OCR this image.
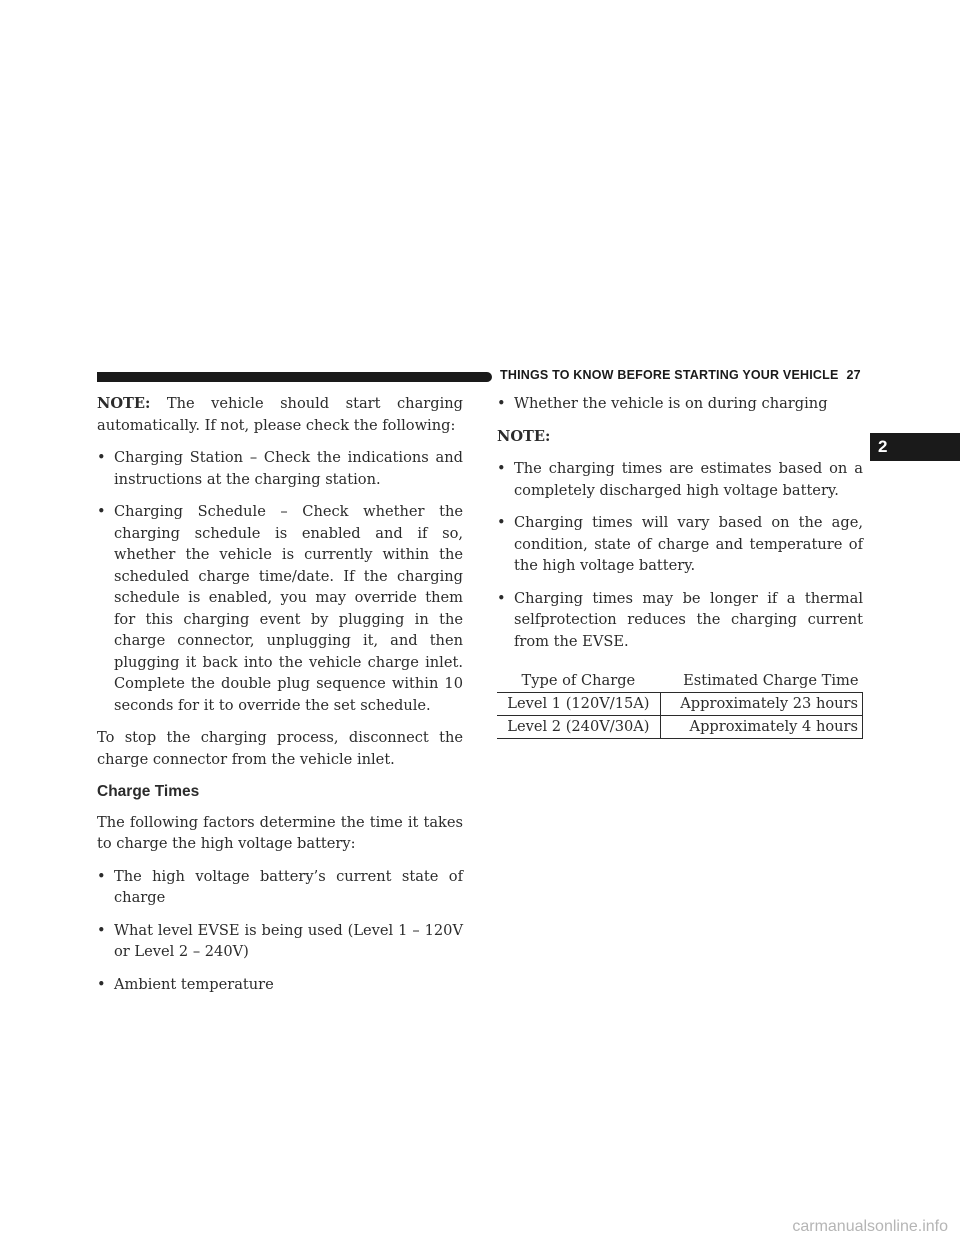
THINGS TO KNOW BEFORE STARTING YOUR VEHICLE 27
2

NOTE: The vehicle should start charging automatically. If not, please check the following:

• Charging Station – Check the indications and instructions at the charging station.
• Charging Schedule – Check whether the charging schedule is enabled and if so, whether the vehicle is currently within the scheduled charge time/date. If the charging schedule is enabled, you may override them for this charging event by plugging in the charge connector, unplugging it, and then plugging it back into the vehicle charge inlet. Complete the double plug sequence within 10 seconds for it to override the set schedule.

To stop the charging process, disconnect the charge connector from the vehicle inlet.

Charge Times

The following factors determine the time it takes to charge the high voltage battery:

• The high voltage battery’s current state of charge
• What level EVSE is being used (Level 1 – 120V or Level 2 – 240V)
• Ambient temperature
• Whether the vehicle is on during charging

NOTE:

• The charging times are estimates based on a completely discharged high voltage battery.
• Charging times will vary based on the age, condition, state of charge and temperature of the high voltage battery.
• Charging times may be longer if a thermal selfprotection reduces the charging current from the EVSE.
Type of Charge	Estimated Charge Time
Level 1 (120V/15A)	Approximately 23 hours
Level 2 (240V/30A)	Approximately 4 hours
carmanualsonline.info
